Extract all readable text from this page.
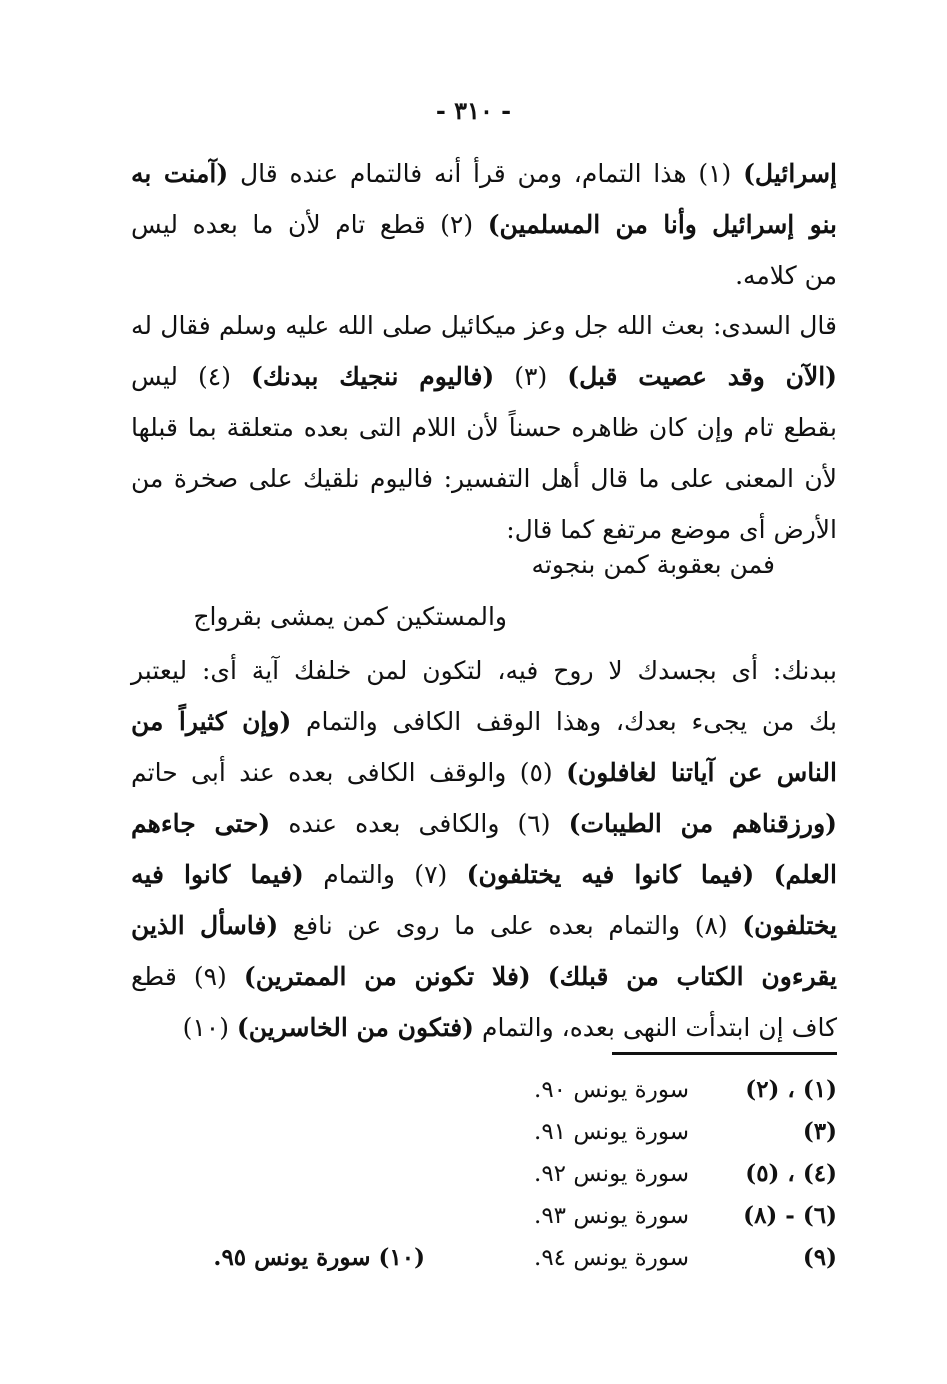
- ٣١٠ -
إسرائيل) (١) هذا التمام، ومن قرأ أنه فالتمام عنده قال (آمنت به
بنو إسرائيل وأنا من المسلمين) (٢) قطع تام لأن ما بعده ليس
من كلامه.
قال السدى: بعث الله جل وعز ميكائيل صلى الله عليه وسلم فقال له
(الآن وقد عصيت قبل) (٣) (فاليوم ننجيك ببدنك) (٤) ليس
بقطع تام وإن كان ظاهره حسناً لأن اللام التى بعده متعلقة بما قبلها
لأن المعنى على ما قال أهل التفسير: فاليوم نلقيك على صخرة من
الأرض أى موضع مرتفع كما قال:
فمن بعقوبة كمن بنجوته
والمستكين كمن يمشى بقرواج
ببدنك: أى بجسدك لا روح فيه، لتكون لمن خلفك آية أى: ليعتبر
بك من يجىء بعدك، وهذا الوقف الكافى والتمام (وإن كثيراً من
الناس عن آياتنا لغافلون) (٥) والوقف الكافى بعده عند أبى حاتم
(ورزقناهم من الطيبات) (٦) والكافى بعده عنده (حتى جاءهم
العلم) (فيما كانوا فيه يختلفون) (٧) والتمام (فيما كانوا فيه
يختلفون) (٨) والتمام بعده على ما روى عن نافع (فاسأل الذين
يقرءون الكتاب من قبلك) (فلا تكونن من الممترين) (٩) قطع
كاف إن ابتدأت النهى بعده، والتمام (فتكون من الخاسرين) (١٠)
(١) ، (٢)
سورة يونس ٩٠.
(٣)
سورة يونس ٩١.
(٤) ، (٥)
سورة يونس ٩٢.
(٦) - (٨)
سورة يونس ٩٣.
(٩)
سورة يونس ٩٤.
(١٠) سورة يونس ٩٥.
